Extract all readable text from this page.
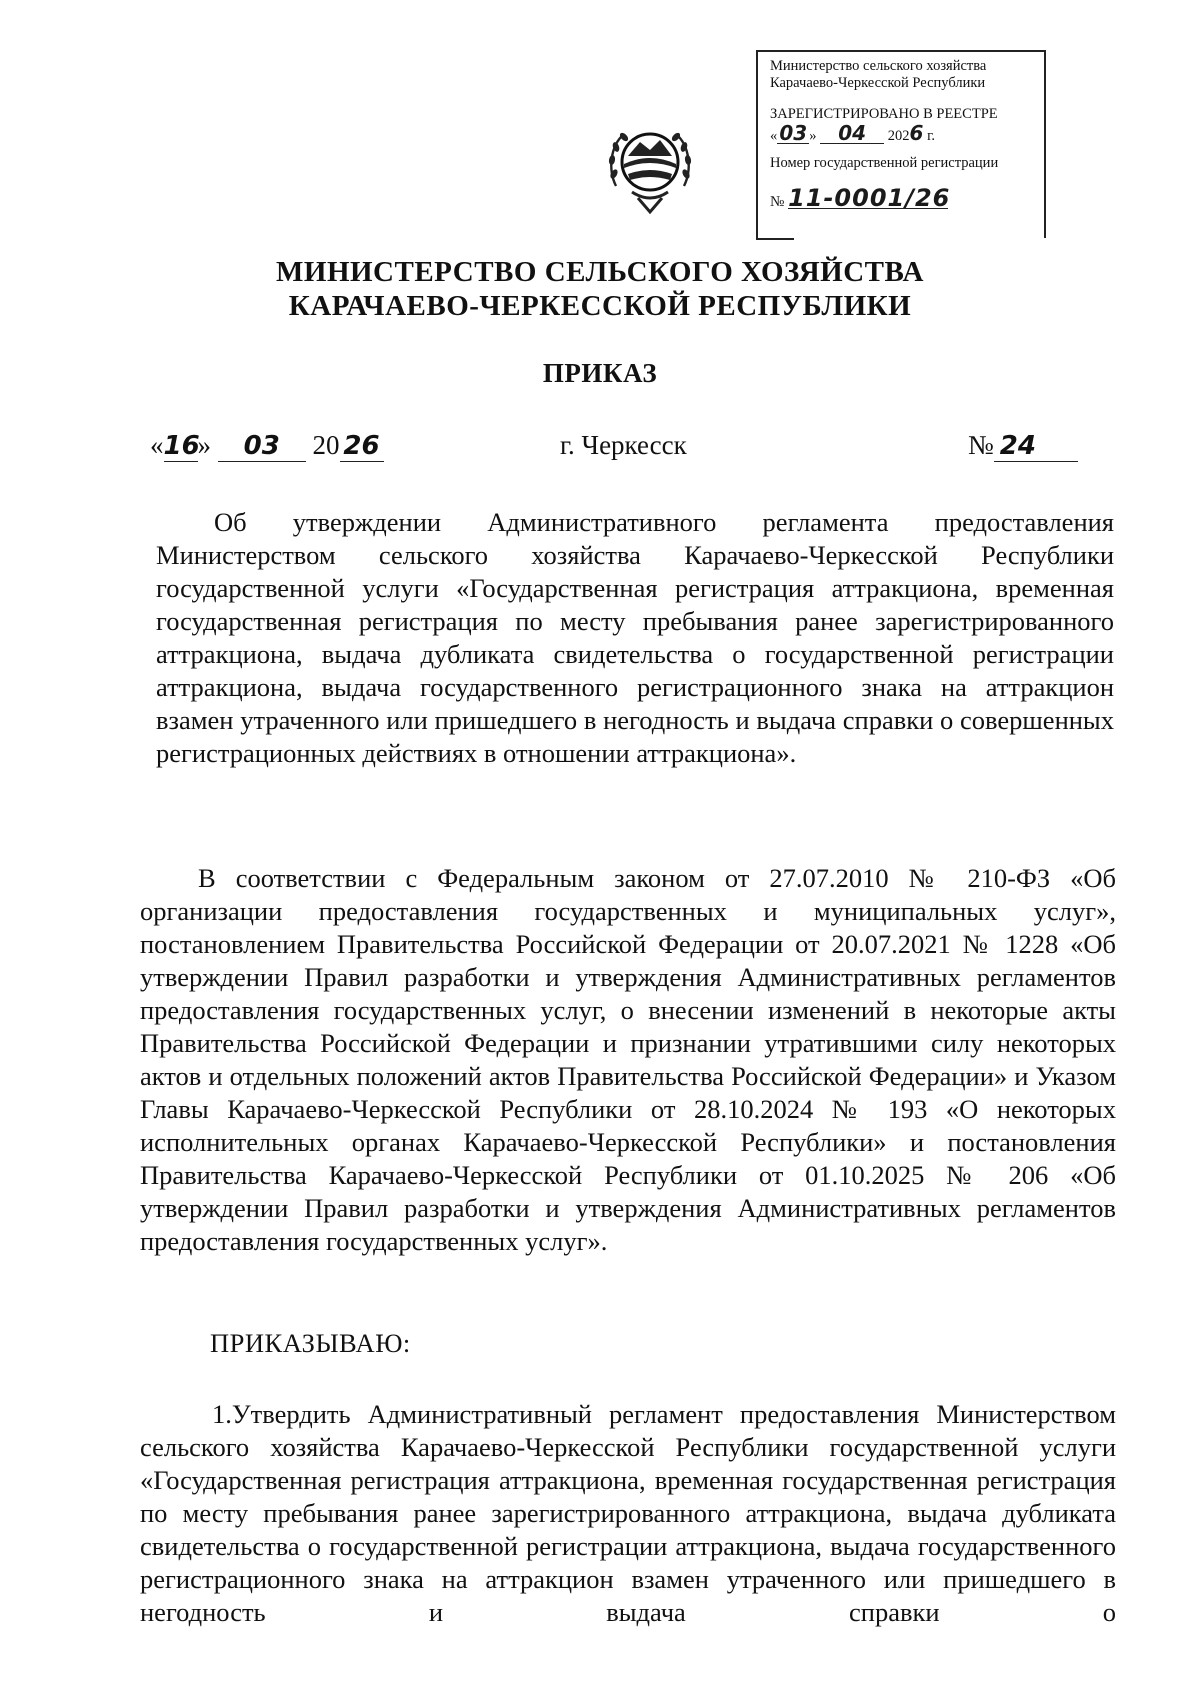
Министерство сельского хозяйства
Карачаево-Черкесской Республики
ЗАРЕГИСТРИРОВАНО В РЕЕСТРЕ
« 03 » 04 2026 г.
Номер государственной регистрации
№ 11-0001/26
МИНИСТЕРСТВО СЕЛЬСКОГО ХОЗЯЙСТВА
КАРАЧАЕВО-ЧЕРКЕССКОЙ РЕСПУБЛИКИ
ПРИКАЗ
«16» 03 20 26	г. Черкесск	№ 24
Об утверждении Административного регламента предоставления Министерством сельского хозяйства Карачаево-Черкесской Республики государственной услуги «Государственная регистрация аттракциона, временная государственная регистрация по месту пребывания ранее зарегистрированного аттракциона, выдача дубликата свидетельства о государственной регистрации аттракциона, выдача государственного регистрационного знака на аттракцион взамен утраченного или пришедшего в негодность и выдача справки о совершенных регистрационных действиях в отношении аттракциона».
В соответствии с Федеральным законом от 27.07.2010 № 210-ФЗ «Об организации предоставления государственных и муниципальных услуг», постановлением Правительства Российской Федерации от 20.07.2021 № 1228 «Об утверждении Правил разработки и утверждения Административных регламентов предоставления государственных услуг, о внесении изменений в некоторые акты Правительства Российской Федерации и признании утратившими силу некоторых актов и отдельных положений актов Правительства Российской Федерации» и Указом Главы Карачаево-Черкесской Республики от 28.10.2024 № 193 «О некоторых исполнительных органах Карачаево-Черкесской Республики» и постановления Правительства Карачаево-Черкесской Республики от 01.10.2025 № 206 «Об утверждении Правил разработки и утверждения Административных регламентов предоставления государственных услуг».
ПРИКАЗЫВАЮ:
1.Утвердить Административный регламент предоставления Министерством сельского хозяйства Карачаево-Черкесской Республики государственной услуги «Государственная регистрация аттракциона, временная государственная регистрация по месту пребывания ранее зарегистрированного аттракциона, выдача дубликата свидетельства о государственной регистрации аттракциона, выдача государственного регистрационного знака на аттракцион взамен утраченного или пришедшего в негодность и выдача справки о
